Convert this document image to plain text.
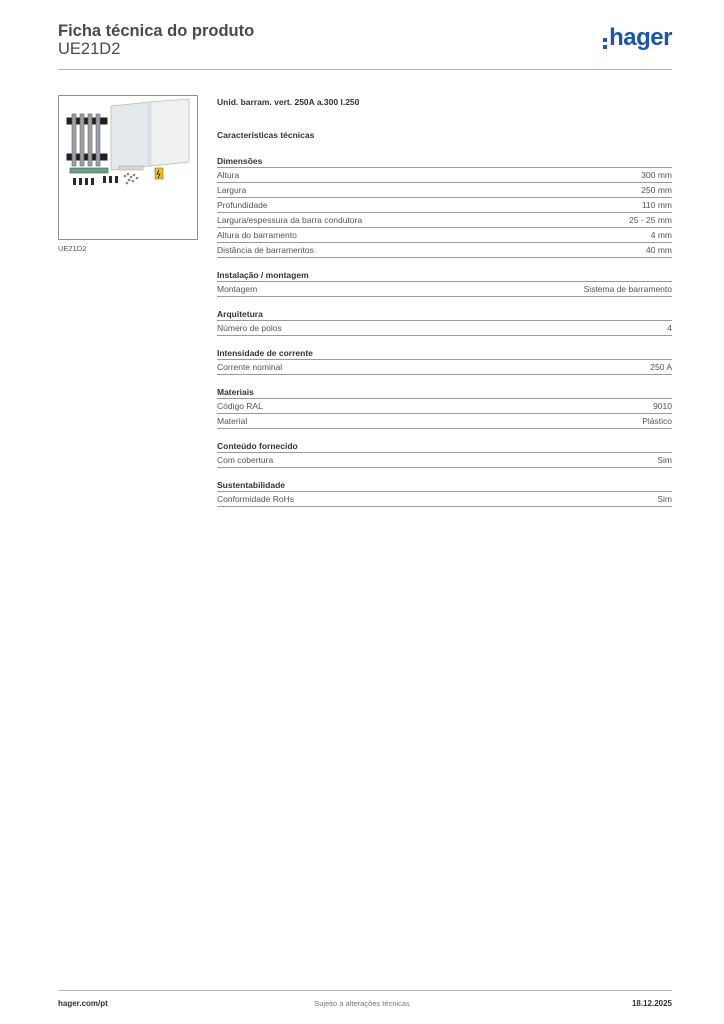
Ficha técnica do produto
UE21D2	hager
UE21D2
Unid. barram. vert. 250A a.300 l.250
Características técnicas
Dimensões
Altura	300 mm
Largura	250 mm
Profundidade	110 mm
Largura/espessura da barra condutora	25 - 25 mm
Altura do barramento	4 mm
Distância de barramentos	40 mm
Instalação / montagem
Montagem	Sistema de barramento
Arquitetura
Número de polos	4
Intensidade de corrente
Corrente nominal	250 A
Materiais
Código RAL	9010
Material	Plástico
Conteúdo fornecido
Com cobertura	Sim
Sustentabilidade
Conformidade RoHs	Sim
hager.com/pt	Sujeito a alterações técnicas	18.12.2025
